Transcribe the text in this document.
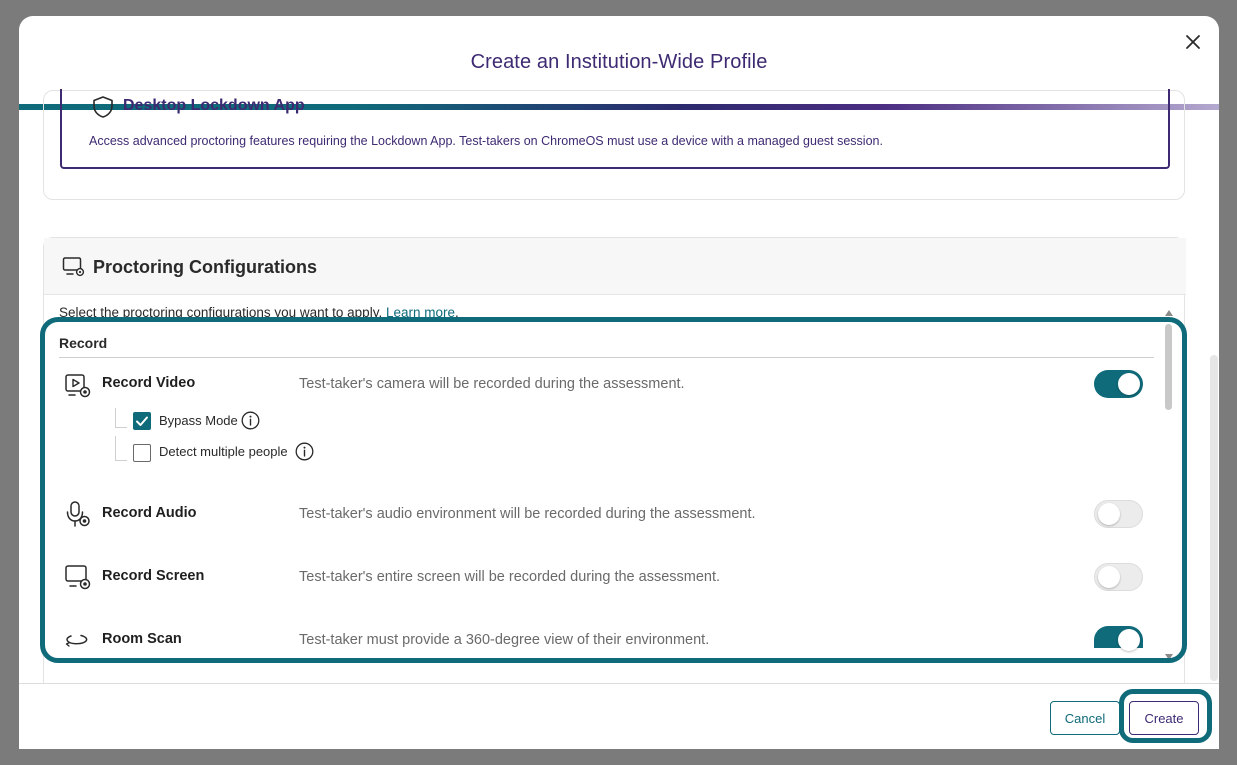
Create an Institution-Wide Profile
Desktop Lockdown App
Access advanced proctoring features requiring the Lockdown App. Test-takers on ChromeOS must use a device with a managed guest session.
Proctoring Configurations
Select the proctoring configurations you want to apply. Learn more.
Cancel	Create
Record
Record Video	Test-taker's camera will be recorded during the assessment.
Bypass Mode
Detect multiple people
Record Audio	Test-taker's audio environment will be recorded during the assessment.
Record Screen	Test-taker's entire screen will be recorded during the assessment.
Room Scan	Test-taker must provide a 360-degree view of their environment.
